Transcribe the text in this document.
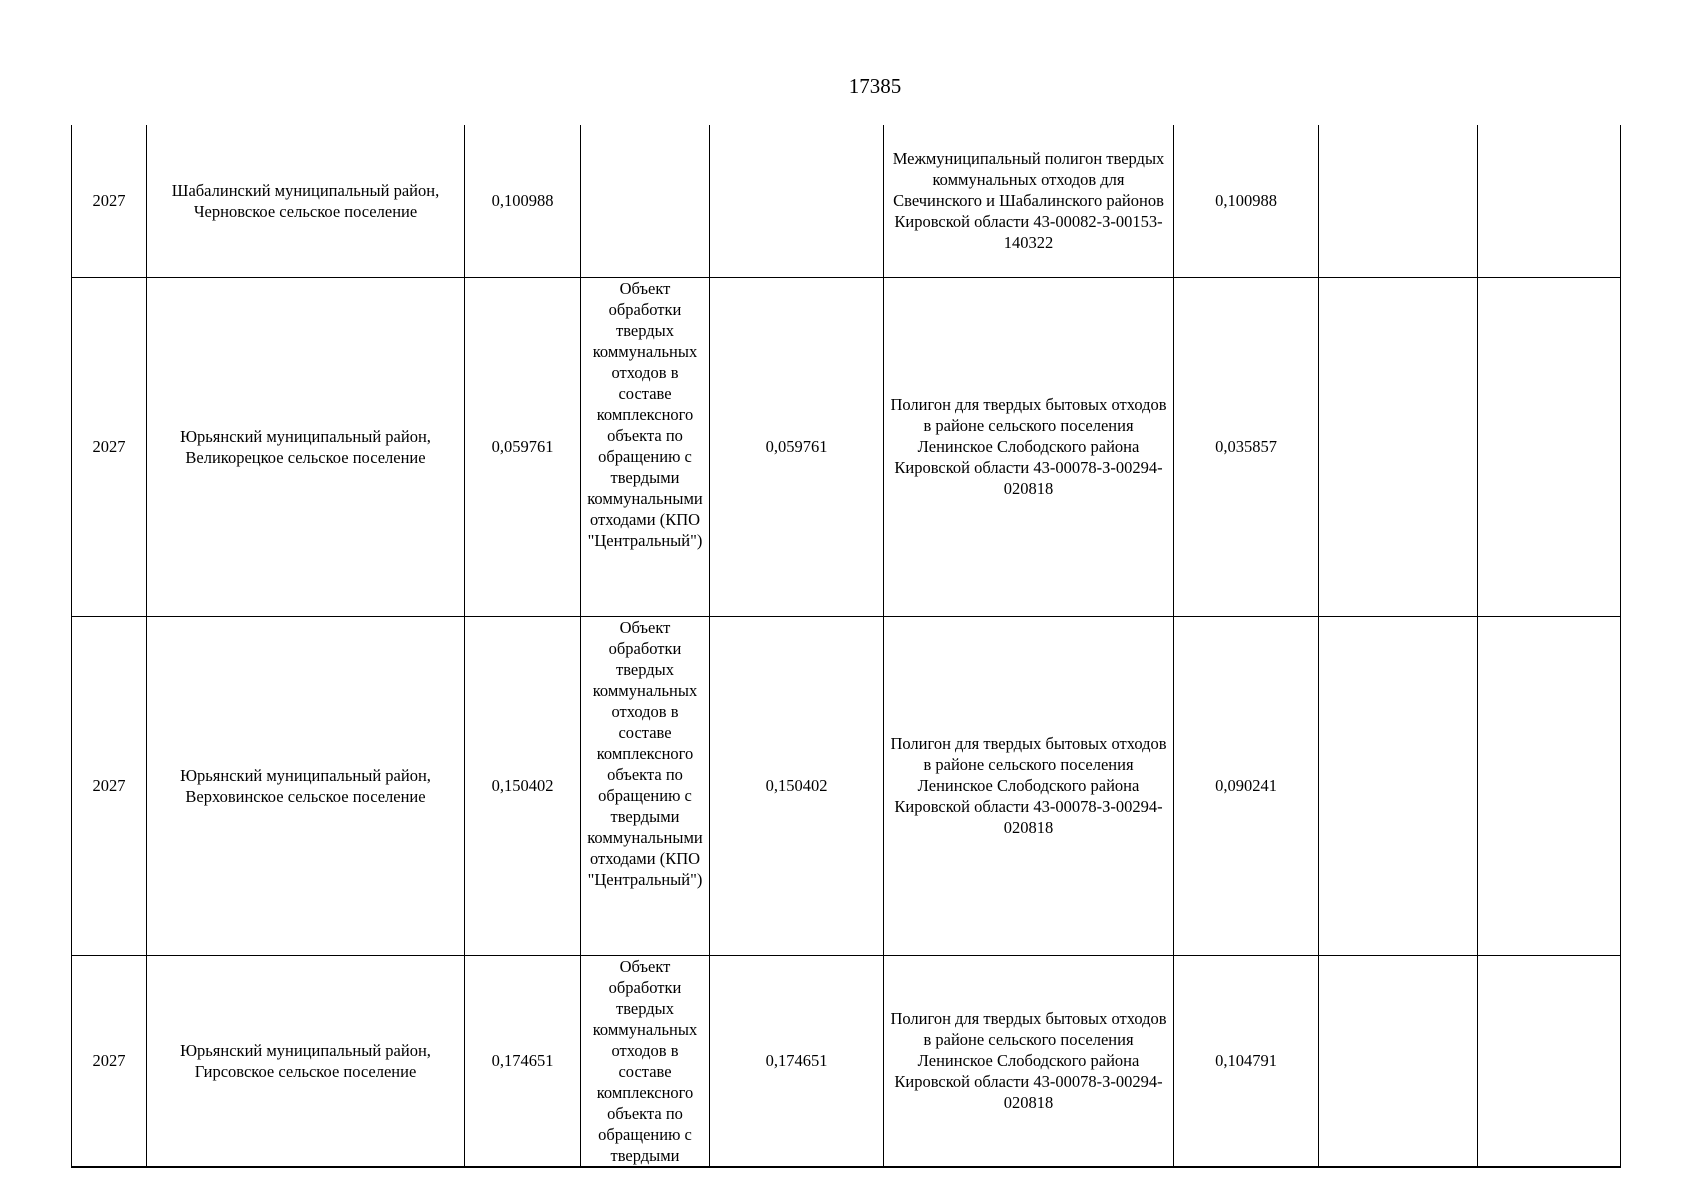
17385
2027	Шабалинский муниципальный район, Черновское сельское поселение	0,100988			Межмуниципальный полигон твердых коммунальных отходов для Свечинского и Шабалинского районов Кировской области 43-00082-З-00153-140322	0,100988		
2027	Юрьянский муниципальный район, Великорецкое сельское поселение	0,059761	Объект обработки твердых коммунальных отходов в составе комплексного объекта по обращению с твердыми коммунальными отходами (КПО "Центральный")	0,059761	Полигон для твердых бытовых отходов в районе сельского поселения Ленинское Слободского района Кировской области 43-00078-З-00294-020818	0,035857		
2027	Юрьянский муниципальный район, Верховинское сельское поселение	0,150402	Объект обработки твердых коммунальных отходов в составе комплексного объекта по обращению с твердыми коммунальными отходами (КПО "Центральный")	0,150402	Полигон для твердых бытовых отходов в районе сельского поселения Ленинское Слободского района Кировской области 43-00078-З-00294-020818	0,090241		
2027	Юрьянский муниципальный район, Гирсовское сельское поселение	0,174651	Объект обработки твердых коммунальных отходов в составе комплексного объекта по обращению с твердыми	0,174651	Полигон для твердых бытовых отходов в районе сельского поселения Ленинское Слободского района Кировской области 43-00078-З-00294-020818	0,104791		
